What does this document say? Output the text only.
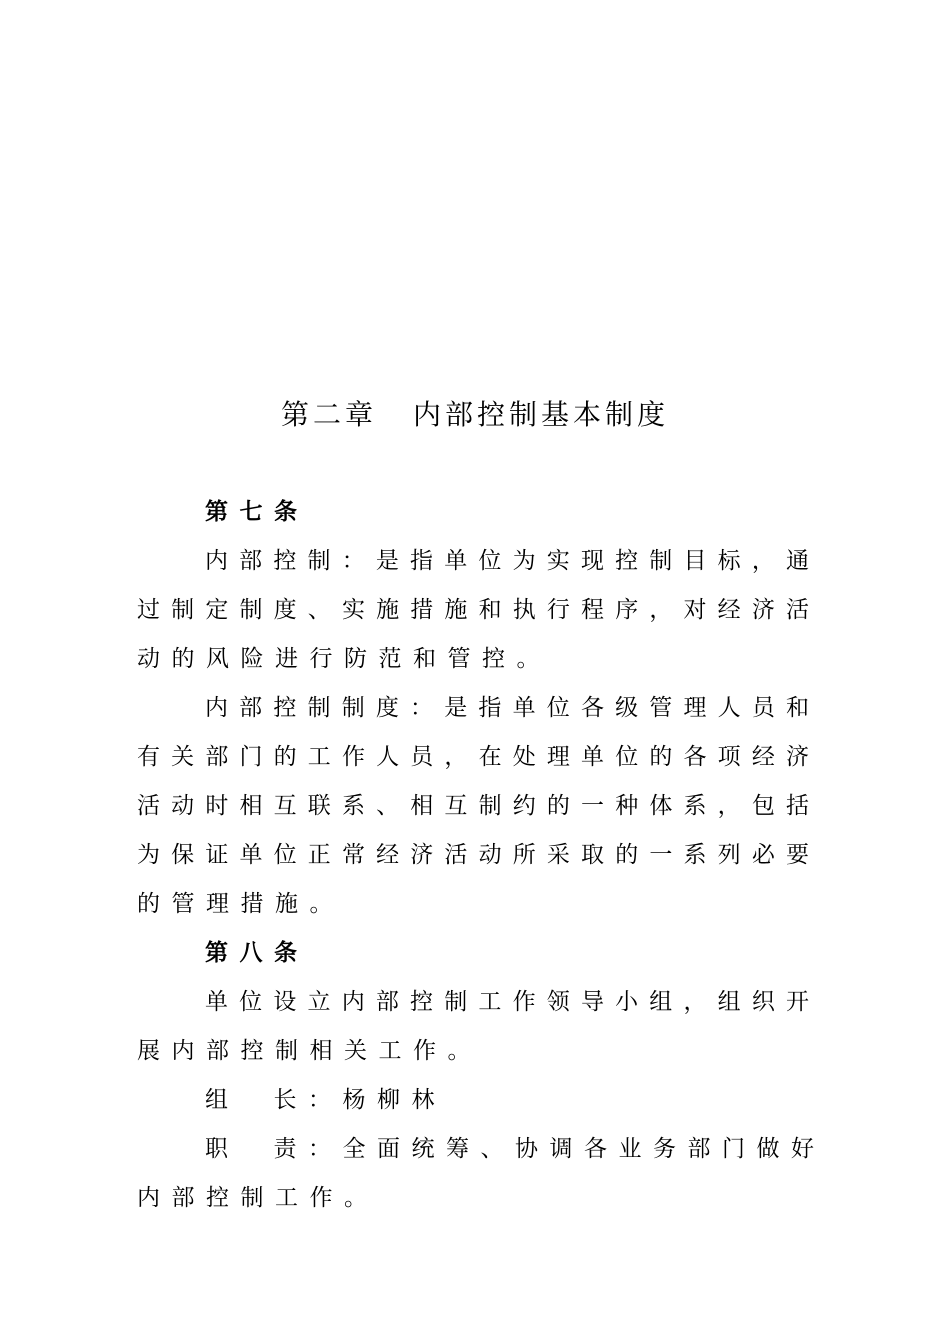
第二章 内部控制基本制度
第七条
内部控制：是指单位为实现控制目标，通
过制定制度、实施措施和执行程序，对经济活
动的风险进行防范和管控。
内部控制制度：是指单位各级管理人员和
有关部门的工作人员，在处理单位的各项经济
活动时相互联系、相互制约的一种体系，包括
为保证单位正常经济活动所采取的一系列必要
的管理措施。
第八条
单位设立内部控制工作领导小组，组织开
展内部控制相关工作。
组 长：杨柳林
职 责：全面统筹、协调各业务部门做好
内部控制工作。
